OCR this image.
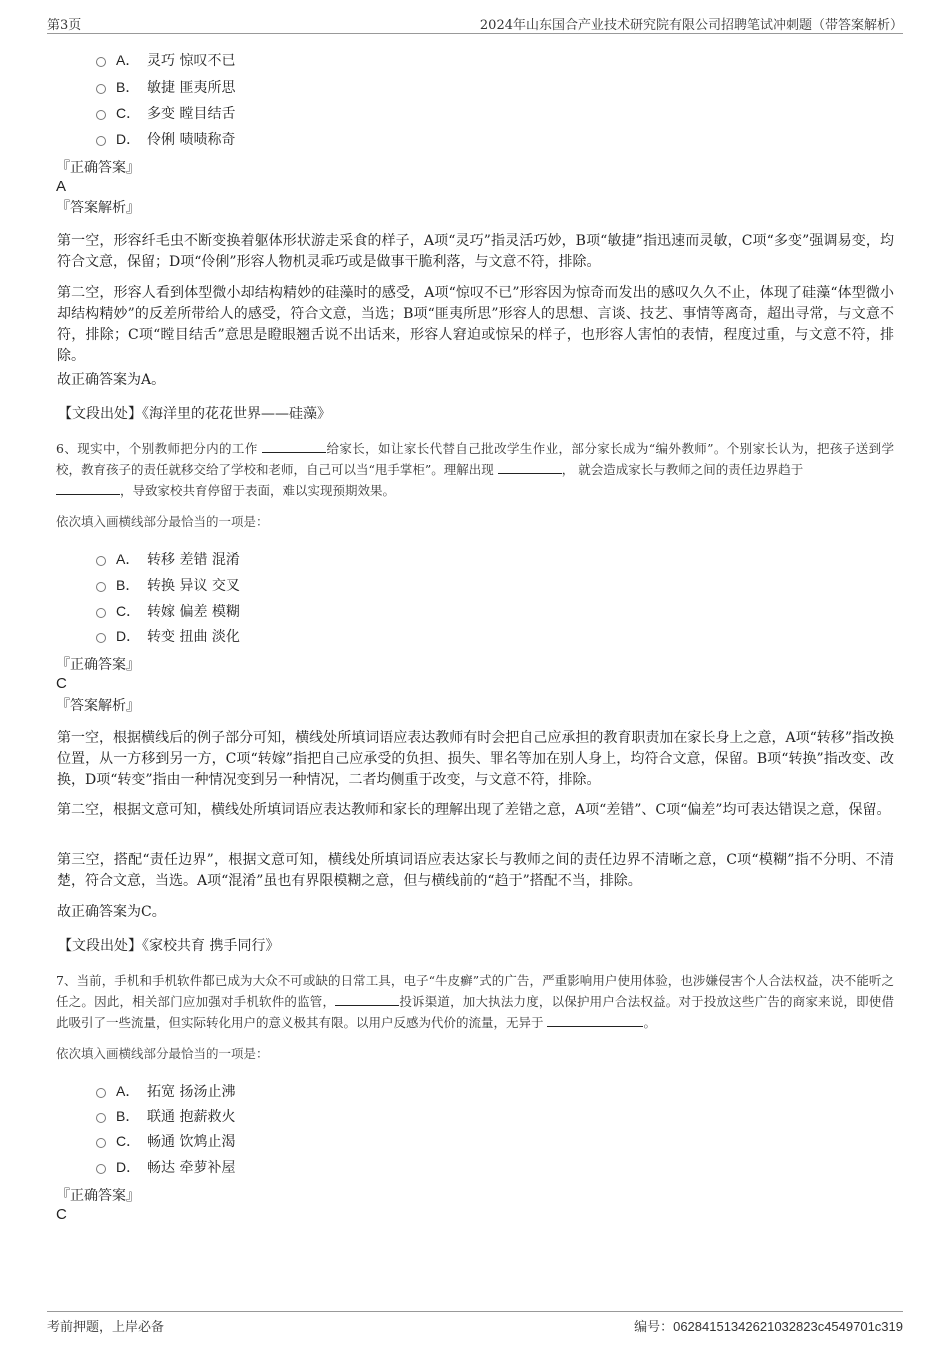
第3页	2024年山东国合产业技术研究院有限公司招聘笔试冲刺题（带答案解析）
A． 灵巧 惊叹不已
B． 敏捷 匪夷所思
C． 多变 瞠目结舌
D． 伶俐 啧啧称奇
『正确答案』
A
『答案解析』

第一空，形容纤毛虫不断变换着躯体形状游走采食的样子，A项“灵巧”指灵活巧妙，B项“敏捷”指迅速而灵敏，C项“多变”强调易变，均符合文意，保留；D项“伶俐”形容人物机灵乖巧或是做事干脆利落，与文意不符，排除。

第二空，形容人看到体型微小却结构精妙的硅藻时的感受，A项“惊叹不已”形容因为惊奇而发出的感叹久久不止，体现了硅藻“体型微小却结构精妙”的反差所带给人的感受，符合文意，当选；B项“匪夷所思”形容人的思想、言谈、技艺、事情等离奇，超出寻常，与文意不符，排除；C项“瞠目结舌”意思是瞪眼翘舌说不出话来，形容人窘迫或惊呆的样子，也形容人害怕的表情，程度过重，与文意不符，排除。

故正确答案为A。

【文段出处】《海洋里的花花世界——硅藻》

6、现实中，个别教师把分内的工作	给家长，如让家长代替自己批改学生作业，部分家长成为“编外教师”。个别家长认为，把孩子送到学校，教育孩子的责任就移交给了学校和老师，自己可以当“甩手掌柜”。理解出现	， 就会造成家长与教师之间的责任边界趋于
，导致家校共育停留于表面，难以实现预期效果。

依次填入画横线部分最恰当的一项是：
A． 转移 差错 混淆
B． 转换 异议 交叉
C． 转嫁 偏差 模糊
D． 转变 扭曲 淡化
『正确答案』
C
『答案解析』

第一空，根据横线后的例子部分可知，横线处所填词语应表达教师有时会把自己应承担的教育职责加在家长身上之意，A项“转移”指改换位置，从一方移到另一方，C项“转嫁”指把自己应承受的负担、损失、罪名等加在别人身上，均符合文意，保留。B项“转换”指改变、改换，D项“转变”指由一种情况变到另一种情况，二者均侧重于改变，与文意不符，排除。

第二空，根据文意可知，横线处所填词语应表达教师和家长的理解出现了差错之意，A项“差错”、C项“偏差”均可表达错误之意，保留。

第三空，搭配“责任边界”，根据文意可知，横线处所填词语应表达家长与教师之间的责任边界不清晰之意，C项“模糊”指不分明、不清楚，符合文意，当选。A项“混淆”虽也有界限模糊之意，但与横线前的“趋于”搭配不当，排除。

故正确答案为C。

【文段出处】《家校共育 携手同行》

7、当前，手机和手机软件都已成为大众不可或缺的日常工具，电子“牛皮癣”式的广告，严重影响用户使用体验，也涉嫌侵害个人合法权益，决不能听之任之。因此，相关部门应加强对手机软件的监管，	投诉渠道，加大执法力度，以保护用户合法权益。对于投放这些广告的商家来说，即使借此吸引了一些流量，但实际转化用户的意义极其有限。以用户反感为代价的流量，无异于	。

依次填入画横线部分最恰当的一项是：
A． 拓宽 扬汤止沸
B． 联通 抱薪救火
C． 畅通 饮鸩止渴
D． 畅达 牵萝补屋
『正确答案』
C
考前押题，上岸必备	编号：0628415134262103282​3c4549701c319
